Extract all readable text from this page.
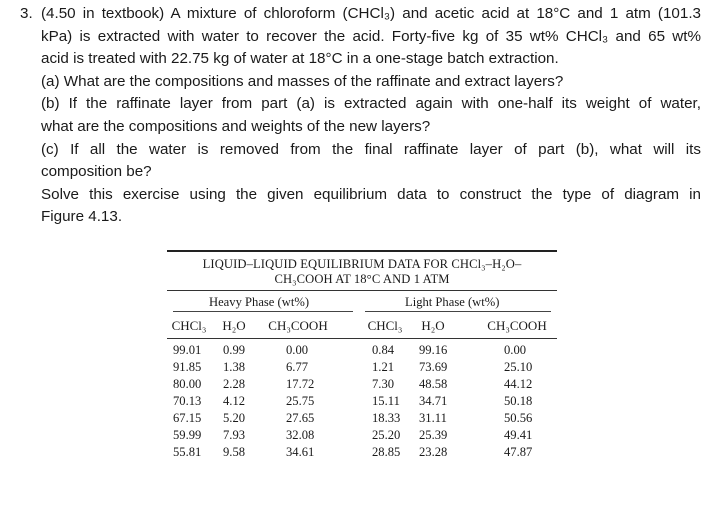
3. (4.50 in textbook) A mixture of chloroform (CHCl₃) and acetic acid at 18°C and 1 atm (101.3
kPa) is extracted with water to recover the acid. Forty-five kg of 35 wt% CHCl₃ and 65 wt%
acid is treated with 22.75 kg of water at 18°C in a one-stage batch extraction.
(a) What are the compositions and masses of the raffinate and extract layers?
(b) If the raffinate layer from part (a) is extracted again with one-half its weight of water,
what are the compositions and weights of the new layers?
(c) If all the water is removed from the final raffinate layer of part (b), what will its
composition be?
Solve this exercise using the given equilibrium data to construct the type of diagram in
Figure 4.13.
LIQUID–LIQUID EQUILIBRIUM DATA FOR CHCl₃–H₂O–
CH₃COOH AT 18°C AND 1 ATM
Heavy Phase (wt%)	Light Phase (wt%)
CHCl₃ H₂O CH₃COOH	CHCl₃ H₂O	CH₃COOH
99.01 0.99	0.00	0.84 99.16	0.00
91.85 1.38	6.77	1.21 73.69	25.10
80.00 2.28	17.72	7.30 48.58	44.12
70.13 4.12	25.75	15.11 34.71	50.18
67.15 5.20	27.65	18.33 31.11	50.56
59.99 7.93	32.08	25.20 25.39	49.41
55.81 9.58	34.61	28.85 23.28	47.87
